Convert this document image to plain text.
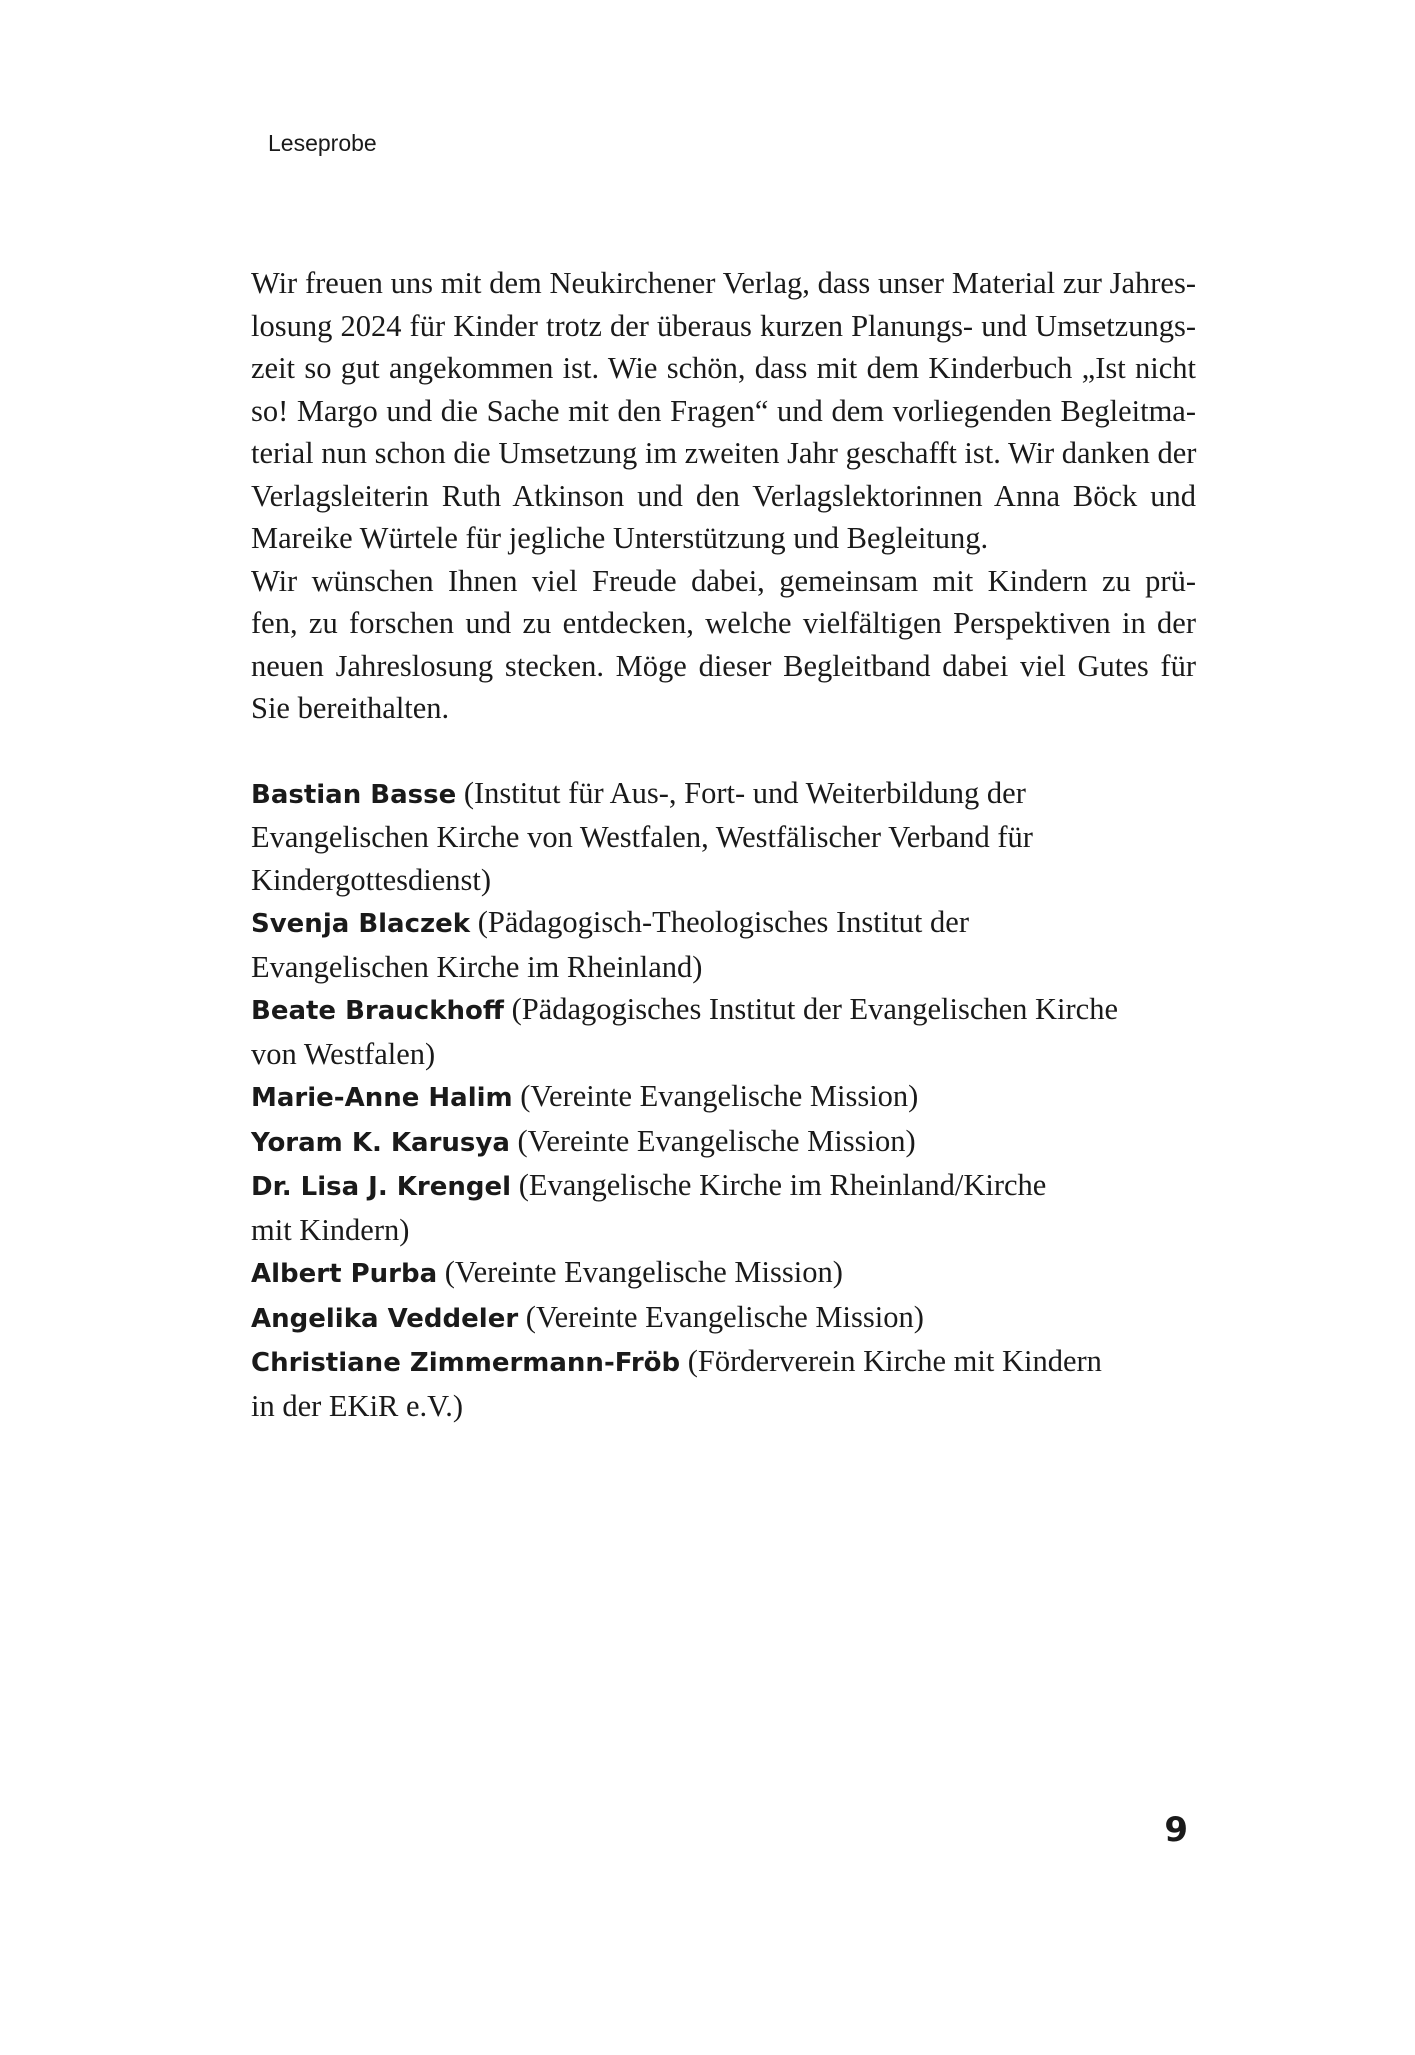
Leseprobe
Wir freuen uns mit dem Neukirchener Verlag, dass unser Material zur Jahres-
losung 2024 für Kinder trotz der überaus kurzen Planungs- und Umsetzungs-
zeit so gut angekommen ist. Wie schön, dass mit dem Kinderbuch „Ist nicht
so! Margo und die Sache mit den Fragen“ und dem vorliegenden Begleitma-
terial nun schon die Umsetzung im zweiten Jahr geschafft ist. Wir danken der
Verlagsleiterin Ruth Atkinson und den Verlagslektorinnen Anna Böck und
Mareike Würtele für jegliche Unterstützung und Begleitung.
Wir wünschen Ihnen viel Freude dabei, gemeinsam mit Kindern zu prü-
fen, zu forschen und zu entdecken, welche vielfältigen Perspektiven in der
neuen Jahreslosung stecken. Möge dieser Begleitband dabei viel Gutes für
Sie bereithalten.
Bastian Basse (Institut für Aus-, Fort- und Weiterbildung der
Evangelischen Kirche von Westfalen, Westfälischer Verband für
Kindergottesdienst)
Svenja Blaczek (Pädagogisch-Theologisches Institut der
Evangelischen Kirche im Rheinland)
Beate Brauckhoff (Pädagogisches Institut der Evangelischen Kirche
von Westfalen)
Marie-Anne Halim (Vereinte Evangelische Mission)
Yoram K. Karusya (Vereinte Evangelische Mission)
Dr. Lisa J. Krengel (Evangelische Kirche im Rheinland/Kirche
mit Kindern)
Albert Purba (Vereinte Evangelische Mission)
Angelika Veddeler (Vereinte Evangelische Mission)
Christiane Zimmermann-Fröb (Förderverein Kirche mit Kindern
in der EKiR e.V.)
9
